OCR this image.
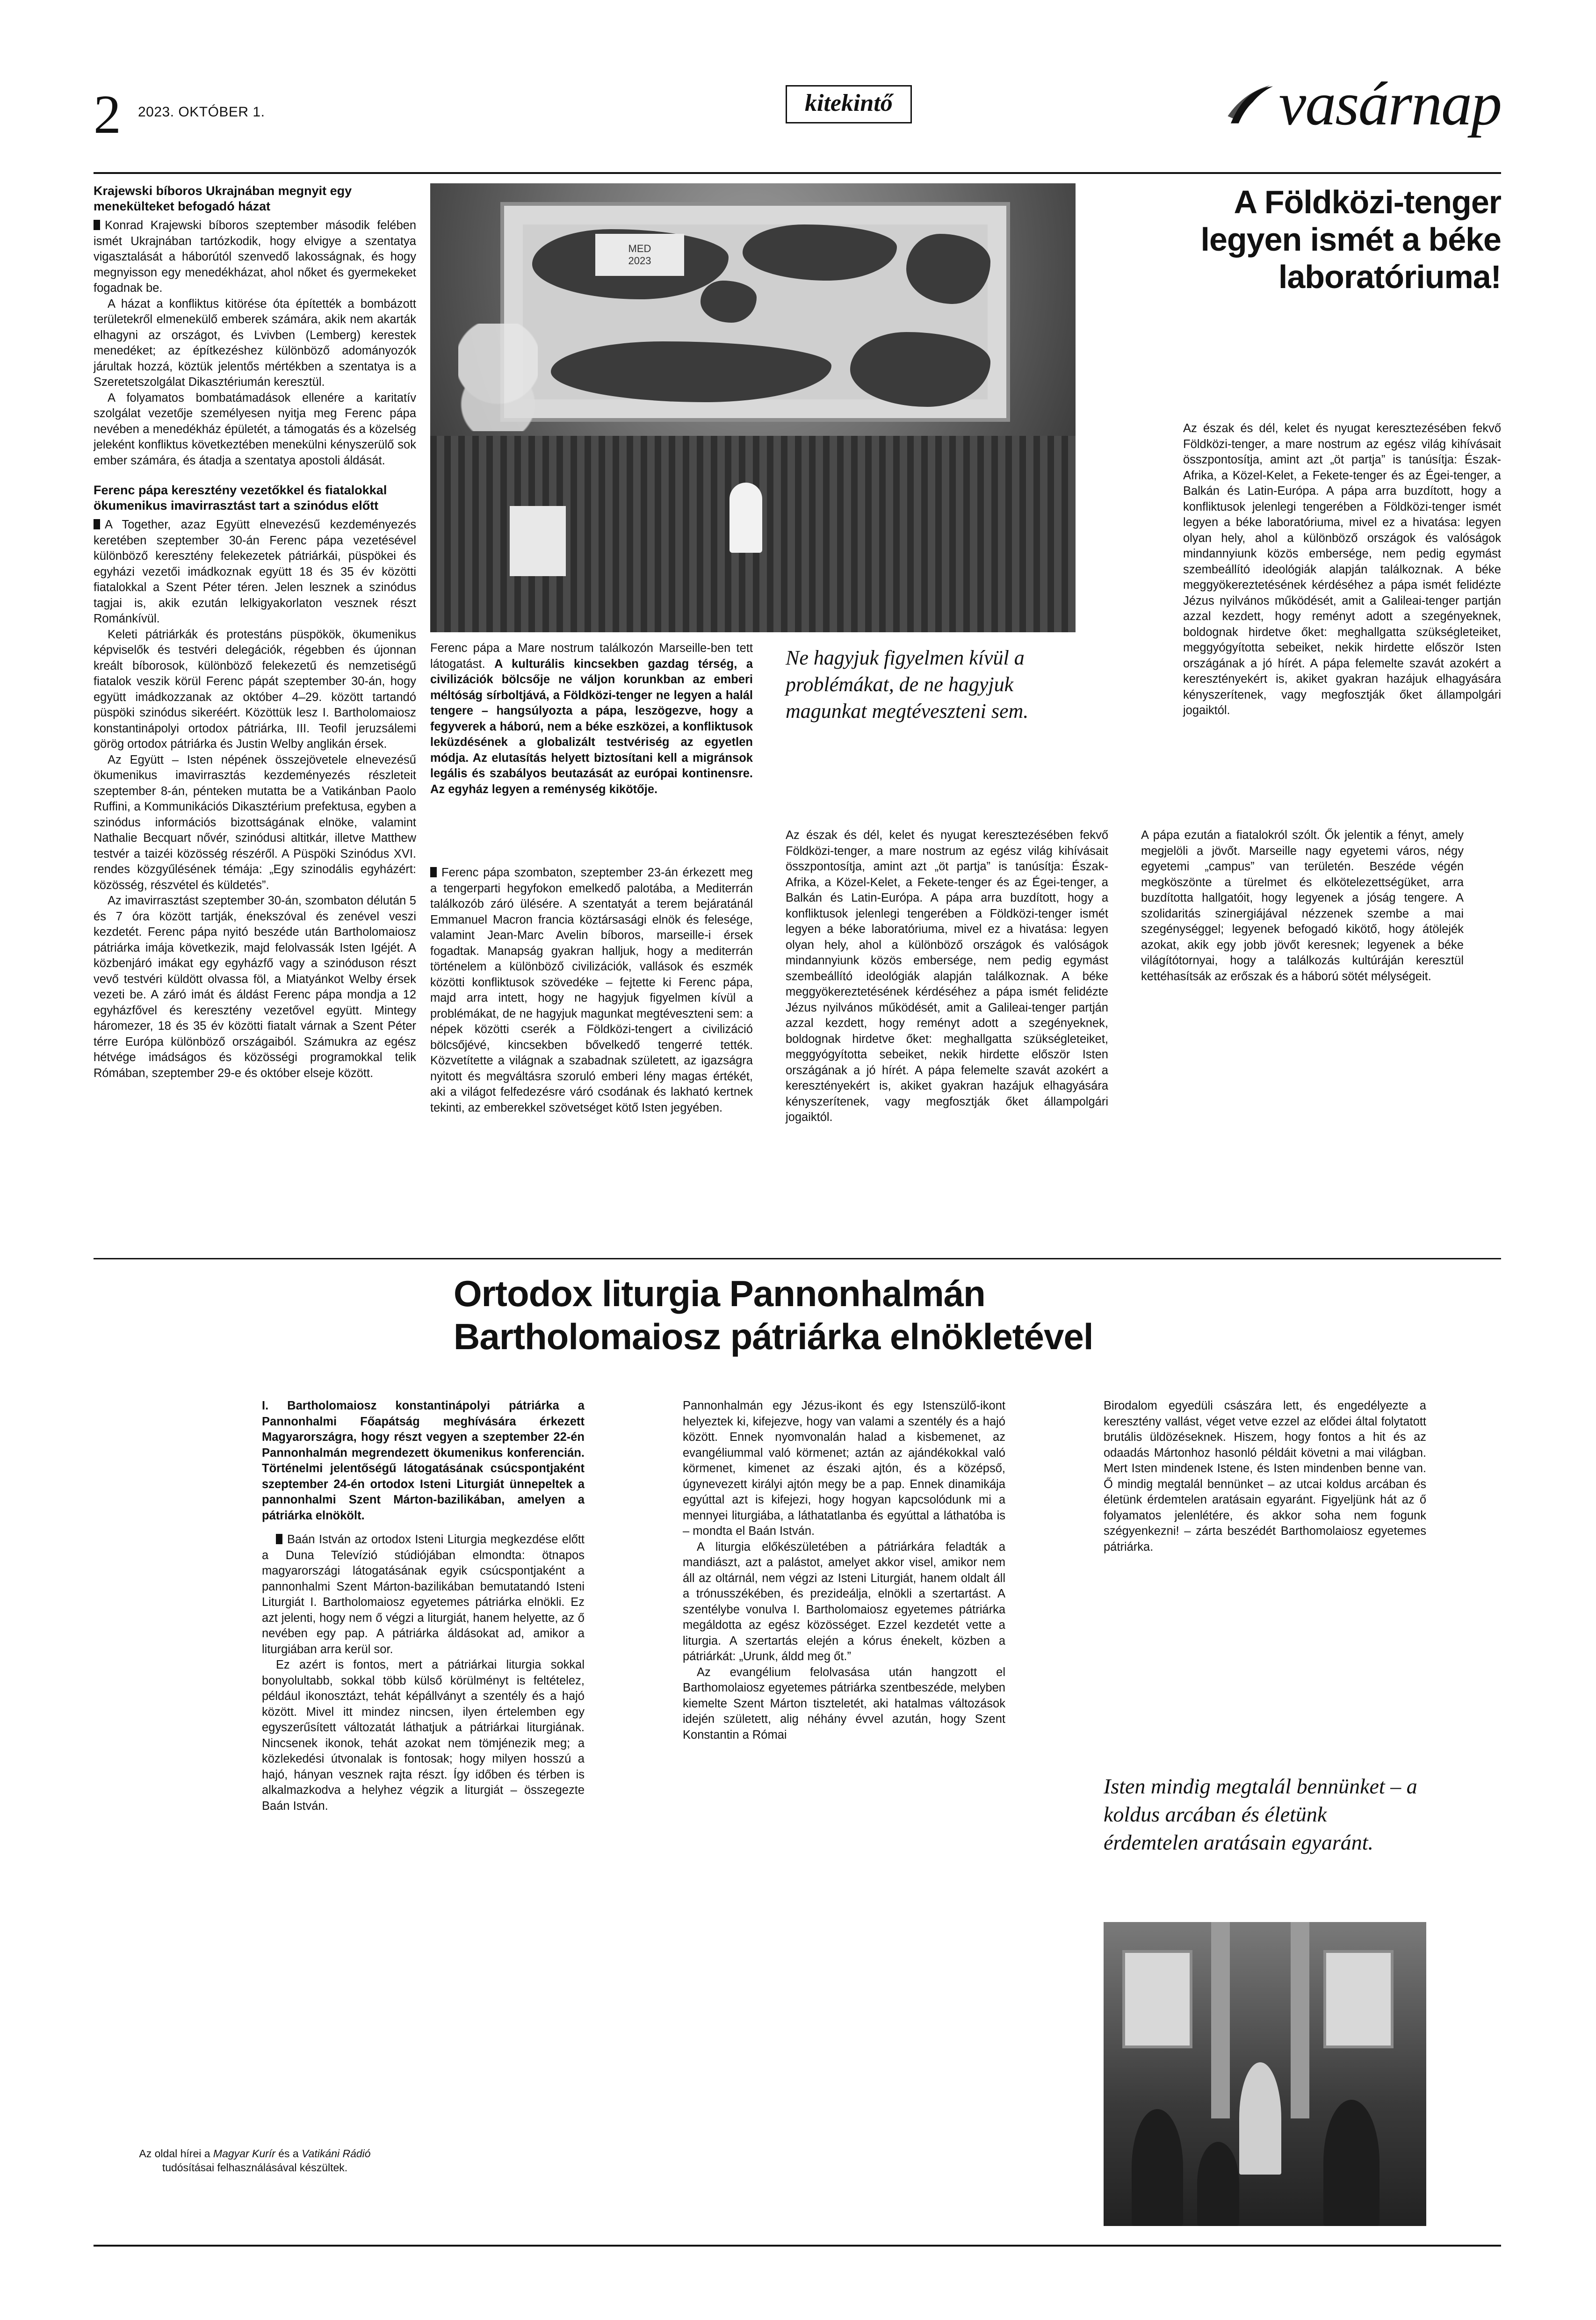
2 2023. OKTÓBER 1.	kitekintő	vasárnap
Krajewski bíboros Ukrajnában megnyit egy menekülteket befogadó házat

Konrad Krajewski bíboros szeptember második felében ismét Ukrajnában tartózkodik, hogy elvigye a szentatya vigasztalását a háborútól szenvedő lakosságnak, és hogy megnyisson egy menedékházat, ahol nőket és gyermekeket fogadnak be.

A házat a konfliktus kitörése óta építették a bombázott területekről elmenekülő emberek számára, akik nem akarták elhagyni az országot, és Lvivben (Lemberg) kerestek menedéket; az építkezéshez különböző adományozók járultak hozzá, köztük jelentős mértékben a szentatya is a Szeretetszolgálat Dikasztériumán keresztül.

A folyamatos bombatámadások ellenére a karitatív szolgálat vezetője személyesen nyitja meg Ferenc pápa nevében a menedékház épületét, a támogatás és a közelség jeleként konfliktus következtében menekülni kényszerülő sok ember számára, és átadja a szentatya apostoli áldását.

Ferenc pápa keresztény vezetőkkel és fiatalokkal ökumenikus imavirrasztást tart a szinódus előtt

A Together, azaz Együtt elnevezésű kezdeményezés keretében szeptember 30-án Ferenc pápa vezetésével különböző keresztény felekezetek pátriárkái, püspökei és egyházi vezetői imádkoznak együtt 18 és 35 év közötti fiatalokkal a Szent Péter téren. Jelen lesznek a szinódus tagjai is, akik ezután lelkigyakorlaton vesznek részt Románkívül.

Keleti pátriárkák és protestáns püspökök, ökumenikus képviselők és testvéri delegációk, régebben és újonnan kreált bíborosok, különböző felekezetű és nemzetiségű fiatalok veszik körül Ferenc pápát szeptember 30-án, hogy együtt imádkozzanak az október 4–29. között tartandó püspöki szinódus sikeréért. Közöttük lesz I. Bartholomaiosz konstantinápolyi ortodox pátriárka, III. Teofil jeruzsálemi görög ortodox pátriárka és Justin Welby anglikán érsek.

Az Együtt – Isten népének összejövetele elnevezésű ökumenikus imavirrasztás kezdeményezés részleteit szeptember 8-án, pénteken mutatta be a Vatikánban Paolo Ruffini, a Kommunikációs Dikasztérium prefektusa, egyben a szinódus információs bizottságának elnöke, valamint Nathalie Becquart nővér, szinódusi altitkár, illetve Matthew testvér a taizéi közösség részéről. A Püspöki Szinódus XVI. rendes közgyűlésének témája: „Egy szinodális egyházért: közösség, részvétel és küldetés”.

Az imavirrasztást szeptember 30-án, szombaton délután 5 és 7 óra között tartják, énekszóval és zenével veszi kezdetét. Ferenc pápa nyitó beszéde után Bartholomaiosz pátriárka imája következik, majd felolvassák Isten Igéjét. A közbenjáró imákat egy egyházfő vagy a szinóduson részt vevő testvéri küldött olvassa föl, a Miatyánkot Welby érsek vezeti be. A záró imát és áldást Ferenc pápa mondja a 12 egyházfővel és keresztény vezetővel együtt. Mintegy háromezer, 18 és 35 év közötti fiatalt várnak a Szent Péter térre Európa különböző országaiból. Számukra az egész hétvége imádságos és közösségi programokkal telik Rómában, szeptember 29-e és október elseje között.

Az oldal hírei a Magyar Kurír és a Vatikáni Rádió tudósításai felhasználásával készültek.
MED
2023
A Földközi-tenger
legyen ismét a béke
laboratóriuma!

Az észak és dél, kelet és nyugat keresztezésében fekvő Földközi-tenger, a mare nostrum az egész világ kihívásait összpontosítja, amint azt „öt partja” is tanúsítja: Észak-Afrika, a Közel-Kelet, a Fekete-tenger és az Égei-tenger, a Balkán és Latin-Európa. A pápa arra buzdított, hogy a konfliktusok jelenlegi tengerében a Földközi-tenger ismét legyen a béke laboratóriuma, mivel ez a hivatása: legyen olyan hely, ahol a különböző országok és valóságok mindannyiunk közös embersége, nem pedig egymást szembeállító ideológiák alapján találkoznak. A béke meggyökereztetésének kérdéséhez a pápa ismét felidézte Jézus nyilvános működését, amit a Galileai-tenger partján azzal kezdett, hogy reményt adott a szegényeknek, boldognak hirdetve őket: meghallgatta szükségleteiket, meggyógyította sebeiket, nekik hirdette először Isten országának a jó hírét. A pápa felemelte szavát azokért a keresztényekért is, akiket gyakran hazájuk elhagyására kényszerítenek, vagy megfosztják őket állampolgári jogaiktól.

Ferenc pápa a Mare nostrum találkozón Marseille-ben tett látogatást. A kulturális kincsekben gazdag térség, a civilizációk bölcsője ne váljon korunkban az emberi méltóság sírboltjává, a Földközi-tenger ne legyen a halál tengere – hangsúlyozta a pápa, leszögezve, hogy a fegyverek a háború, nem a béke eszközei, a konfliktusok leküzdésének a globalizált testvériség az egyetlen módja. Az elutasítás helyett biztosítani kell a migránsok legális és szabályos beutazását az európai kontinensre. Az egyház legyen a reménység kikötője.
Ne hagyjuk figyelmen kívül a problémákat, de ne hagyjuk magunkat megtéveszteni sem.

Ferenc pápa szombaton, szeptember 23-án érkezett meg a tengerparti hegyfokon emelkedő palotába, a Mediterrán találkozób záró ülésére. A szentatyát a terem bejáratánál Emmanuel Macron francia köztársasági elnök és felesége, valamint Jean-Marc Avelin bíboros, marseille-i érsek fogadtak. Manapság gyakran halljuk, hogy a mediterrán történelem a különböző civilizációk, vallások és eszmék közötti konfliktusok szövedéke – fejtette ki Ferenc pápa, majd arra intett, hogy ne hagyjuk figyelmen kívül a problémákat, de ne hagyjuk magunkat megtéveszteni sem: a népek közötti cserék a Földközi-tengert a civilizáció bölcsőjévé, kincsekben bővelkedő tengerré tették. Közvetítette a világnak a szabadnak született, az igazságra nyitott és megváltásra szoruló emberi lény magas értékét, aki a világot felfedezésre váró csodának és lakható kertnek tekinti, az emberekkel szövetséget kötő Isten jegyében.

Az észak és dél, kelet és nyugat keresztezésében fekvő Földközi-tenger, a mare nostrum az egész világ kihívásait összpontosítja, amint azt „öt partja” is tanúsítja: Észak-Afrika, a Közel-Kelet, a Fekete-tenger és az Égei-tenger, a Balkán és Latin-Európa. A pápa arra buzdított, hogy a konfliktusok jelenlegi tengerében a Földközi-tenger ismét legyen a béke laboratóriuma, mivel ez a hivatása: legyen olyan hely, ahol a különböző országok és valóságok mindannyiunk közös embersége, nem pedig egymást szembeállító ideológiák alapján találkoznak. A béke meggyökereztetésének kérdéséhez a pápa ismét felidézte Jézus nyilvános működését, amit a Galileai-tenger partján azzal kezdett, hogy reményt adott a szegényeknek, boldognak hirdetve őket: meghallgatta szükségleteiket, meggyógyította sebeiket, nekik hirdette először Isten országának a jó hírét. A pápa felemelte szavát azokért a keresztényekért is, akiket gyakran hazájuk elhagyására kényszerítenek, vagy megfosztják őket állampolgári jogaiktól.

A pápa ezután a fiatalokról szólt. Ők jelentik a fényt, amely megjelöli a jövőt. Marseille nagy egyetemi város, négy egyetemi „campus” van területén. Beszéde végén megköszönte a türelmet és elkötelezettségüket, arra buzdította hallgatóit, hogy legyenek a jóság tengere. A szolidaritás szinergiájával nézzenek szembe a mai szegénységgel; legyenek befogadó kikötő, hogy átölejék azokat, akik egy jobb jövőt keresnek; legyenek a béke világítótornyai, hogy a találkozás kultúráján keresztül kettéhasítsák az erőszak és a háború sötét mélységeit.

Ortodox liturgia Pannonhalmán
Bartholomaiosz pátriárka elnökletével

I. Bartholomaiosz konstantinápolyi pátriárka a Pannonhalmi Főapátság meghívására érkezett Magyarországra, hogy részt vegyen a szeptember 22-én Pannonhalmán megrendezett ökumenikus konferencián. Történelmi jelentőségű látogatásának csúcspontjaként szeptember 24-én ortodox Isteni Liturgiát ünnepeltek a pannonhalmi Szent Márton-bazilikában, amelyen a pátriárka elnökölt.

Baán István az ortodox Isteni Liturgia megkezdése előtt a Duna Televízió stúdiójában elmondta: ötnapos magyarországi látogatásának egyik csúcspontjaként a pannonhalmi Szent Márton-bazilikában bemutatandó Isteni Liturgiát I. Bartholomaiosz egyetemes pátriárka elnökli. Ez azt jelenti, hogy nem ő végzi a liturgiát, hanem helyette, az ő nevében egy pap. A pátriárka áldásokat ad, amikor a liturgiában arra kerül sor.

Ez azért is fontos, mert a pátriárkai liturgia sokkal bonyolultabb, sokkal több külső körülményt is feltételez, például ikonosztázt, tehát képállványt a szentély és a hajó között. Mivel itt mindez nincsen, ilyen értelemben egy egyszerűsített változatát láthatjuk a pátriárkai liturgiának. Nincsenek ikonok, tehát azokat nem tömjénezik meg; a közlekedési útvonalak is fontosak; hogy milyen hosszú a hajó, hányan vesznek rajta részt. Így időben és térben is alkalmazkodva a helyhez végzik a liturgiát – összegezte Baán István.

Pannonhalmán egy Jézus-ikont és egy Istenszülő-ikont helyeztek ki, kifejezve, hogy van valami a szentély és a hajó között. Ennek nyomvonalán halad a kisbemenet, az evangéliummal való körmenet; aztán az ajándékokkal való körmenet, kimenet az északi ajtón, és a középső, úgynevezett királyi ajtón megy be a pap. Ennek dinamikája egyúttal azt is kifejezi, hogy hogyan kapcsolódunk mi a mennyei liturgiába, a láthatatlanba és egyúttal a láthatóba is – mondta el Baán István.

A liturgia előkészületében a pátriárkára feladták a mandiászt, azt a palástot, amelyet akkor visel, amikor nem áll az oltárnál, nem végzi az Isteni Liturgiát, hanem oldalt áll a trónusszékében, és prezideálja, elnökli a szertartást. A szentélybe vonulva I. Bartholomaiosz egyetemes pátriárka megáldotta az egész közösséget. Ezzel kezdetét vette a liturgia. A szertartás elején a kórus énekelt, közben a pátriárkát: „Urunk, áldd meg őt.”

Az evangélium felolvasása után hangzott el Barthomolaiosz egyetemes pátriárka szentbeszéde, melyben kiemelte Szent Márton tiszteletét, aki hatalmas változások idején született, alig néhány évvel azután, hogy Szent Konstantin a Római

Birodalom egyedüli császára lett, és engedélyezte a keresztény vallást, véget vetve ezzel az elődei által folytatott brutális üldözéseknek. Hiszem, hogy fontos a hit és az odaadás Mártonhoz hasonló példáit követni a mai világban. Mert Isten mindenek Istene, és Isten mindenben benne van. Ő mindig megtalál bennünket – az utcai koldus arcában és életünk érdemtelen aratásain egyaránt. Figyeljünk hát az ő folyamatos jelenlétére, és akkor soha nem fogunk szégyenkezni! – zárta beszédét Barthomolaiosz egyetemes pátriárka.

Isten mindig megtalál bennünket – a koldus arcában és életünk érdemtelen aratásain egyaránt.
